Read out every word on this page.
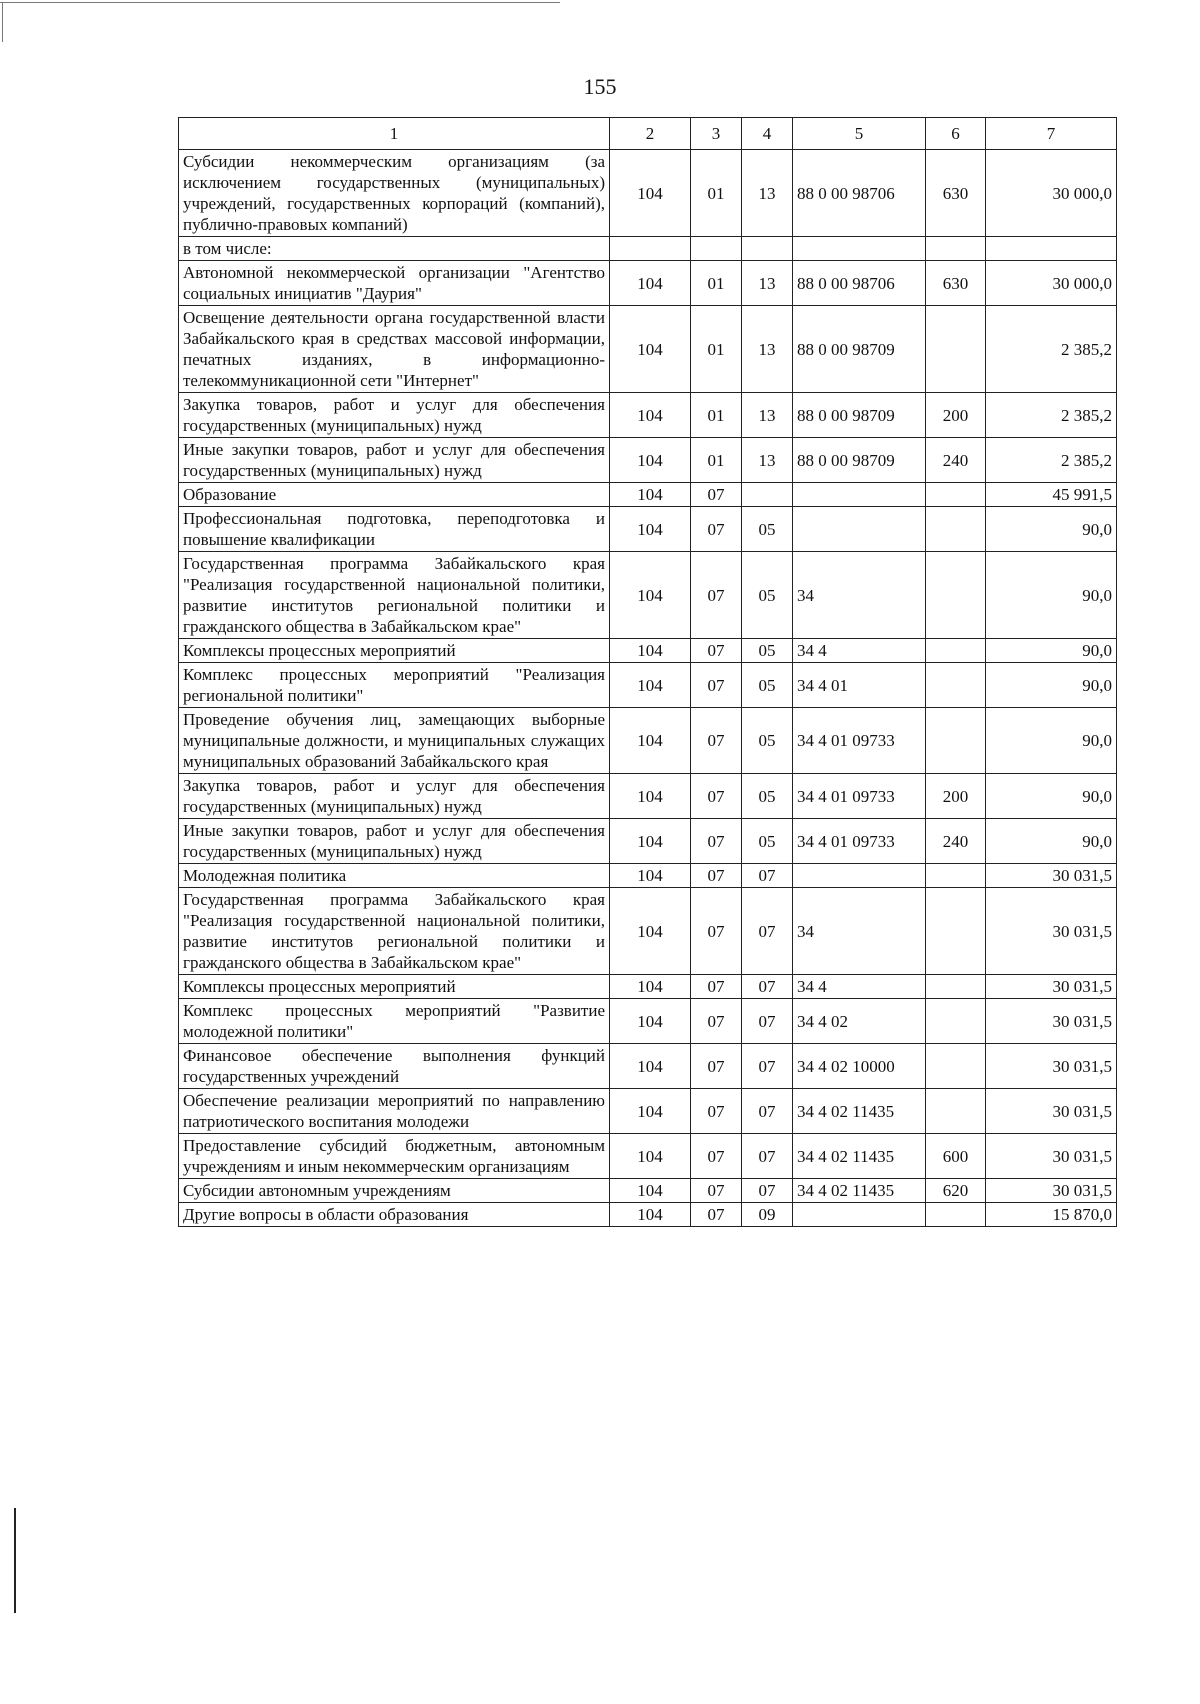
155
1	2	3	4	5	6	7
Субсидии некоммерческим организациям (за исключением государственных (муниципальных) учреждений, государственных корпораций (компаний), публично-правовых компаний)	104	01	13	88 0 00 98706	630	30 000,0
в том числе:						
Автономной некоммерческой организации "Агентство социальных инициатив "Даурия"	104	01	13	88 0 00 98706	630	30 000,0
Освещение деятельности органа государственной власти Забайкальского края в средствах массовой информации, печатных изданиях, в информационно-телекоммуникационной сети "Интернет"	104	01	13	88 0 00 98709		2 385,2
Закупка товаров, работ и услуг для обеспечения государственных (муниципальных) нужд	104	01	13	88 0 00 98709	200	2 385,2
Иные закупки товаров, работ и услуг для обеспечения государственных (муниципальных) нужд	104	01	13	88 0 00 98709	240	2 385,2
Образование	104	07				45 991,5
Профессиональная подготовка, переподготовка и повышение квалификации	104	07	05			90,0
Государственная программа Забайкальского края "Реализация государственной национальной политики, развитие институтов региональной политики и гражданского общества в Забайкальском крае"	104	07	05	34		90,0
Комплексы процессных мероприятий	104	07	05	34 4		90,0
Комплекс процессных мероприятий "Реализация региональной политики"	104	07	05	34 4 01		90,0
Проведение обучения лиц, замещающих выборные муниципальные должности, и муниципальных служащих муниципальных образований Забайкальского края	104	07	05	34 4 01 09733		90,0
Закупка товаров, работ и услуг для обеспечения государственных (муниципальных) нужд	104	07	05	34 4 01 09733	200	90,0
Иные закупки товаров, работ и услуг для обеспечения государственных (муниципальных) нужд	104	07	05	34 4 01 09733	240	90,0
Молодежная политика	104	07	07			30 031,5
Государственная программа Забайкальского края "Реализация государственной национальной политики, развитие институтов региональной политики и гражданского общества в Забайкальском крае"	104	07	07	34		30 031,5
Комплексы процессных мероприятий	104	07	07	34 4		30 031,5
Комплекс процессных мероприятий "Развитие молодежной политики"	104	07	07	34 4 02		30 031,5
Финансовое обеспечение выполнения функций государственных учреждений	104	07	07	34 4 02 10000		30 031,5
Обеспечение реализации мероприятий по направлению патриотического воспитания молодежи	104	07	07	34 4 02 11435		30 031,5
Предоставление субсидий бюджетным, автономным учреждениям и иным некоммерческим организациям	104	07	07	34 4 02 11435	600	30 031,5
Субсидии автономным учреждениям	104	07	07	34 4 02 11435	620	30 031,5
Другие вопросы в области образования	104	07	09			15 870,0
